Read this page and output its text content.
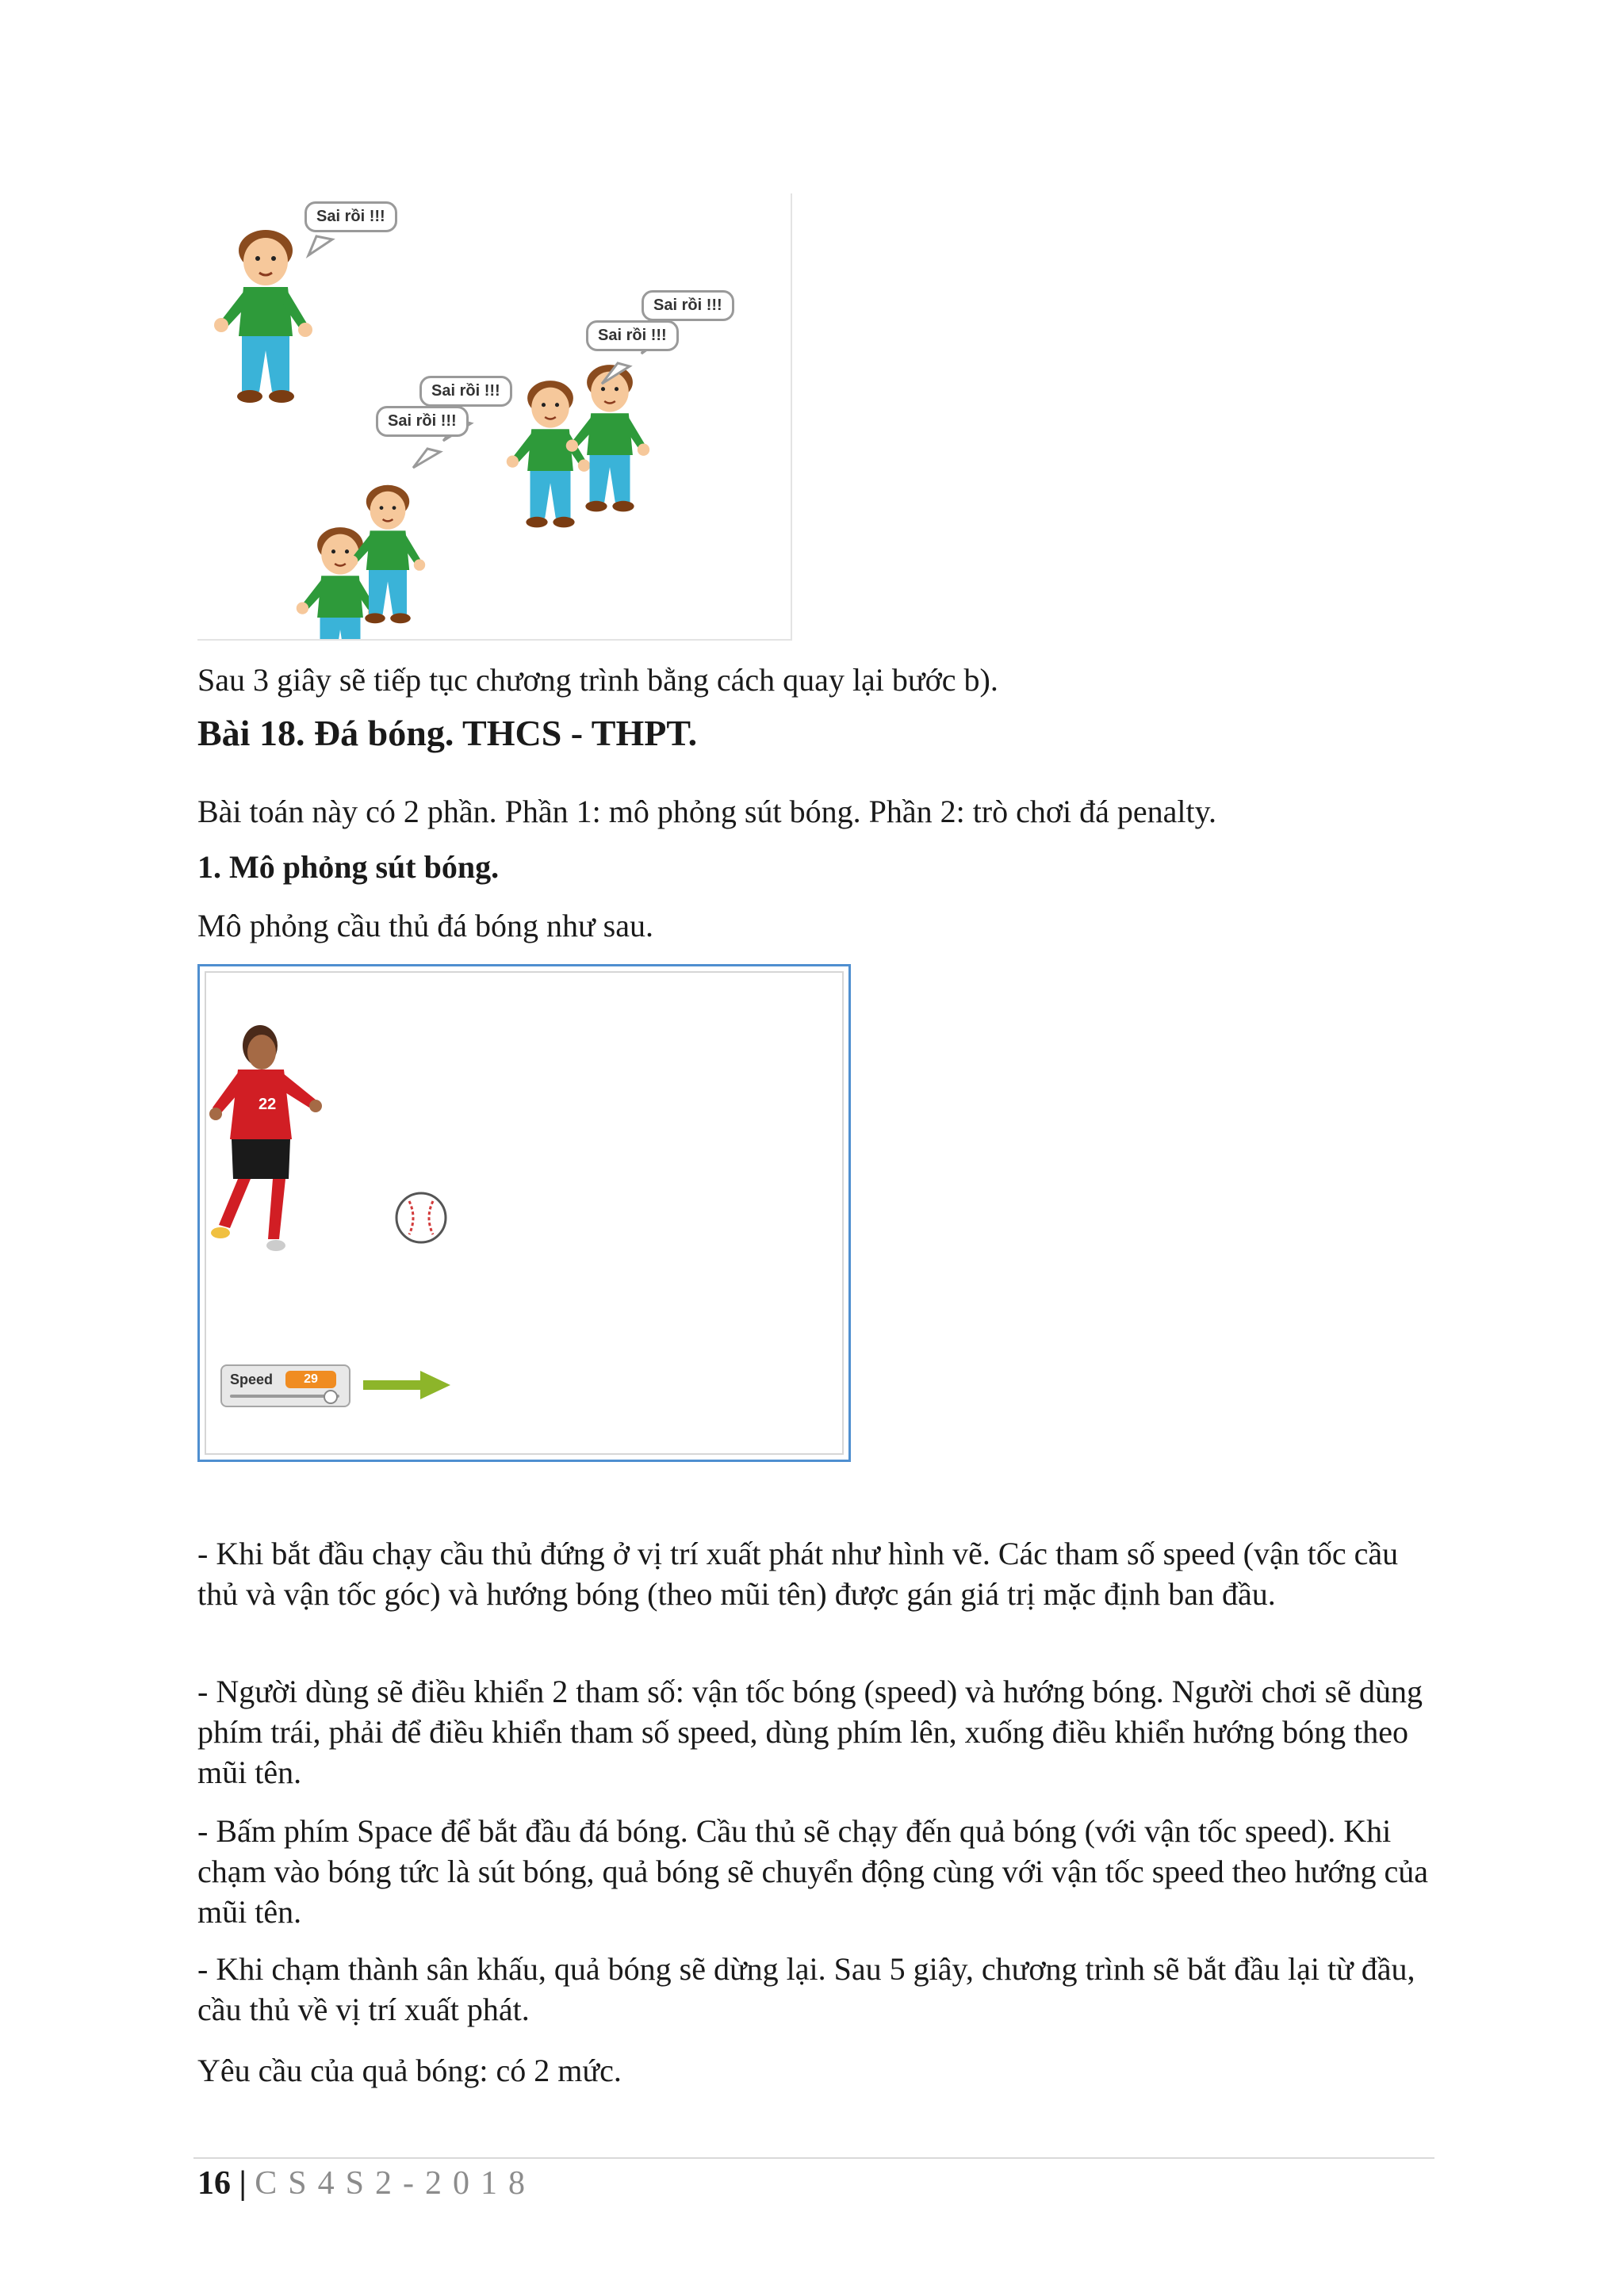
Sai rồi !!!
Sai rồi !!!
Sai rồi !!!
Sai rồi !!!
Sai rồi !!!

Sau 3 giây sẽ tiếp tục chương trình bằng cách quay lại bước b).

Bài 18. Đá bóng. THCS - THPT.

Bài toán này có 2 phần. Phần 1: mô phỏng sút bóng. Phần 2: trò chơi đá penalty.

1. Mô phỏng sút bóng.

Mô phỏng cầu thủ đá bóng như sau.

22
Speed	29

- Khi bắt đầu chạy cầu thủ đứng ở vị trí xuất phát như hình vẽ. Các tham số speed (vận tốc cầu thủ và vận tốc góc) và hướng bóng (theo mũi tên) được gán giá trị mặc định ban đầu.

- Người dùng sẽ điều khiển 2 tham số: vận tốc bóng (speed) và hướng bóng. Người chơi sẽ dùng phím trái, phải để điều khiển tham số speed, dùng phím lên, xuống điều khiển hướng bóng theo mũi tên.

- Bấm phím Space để bắt đầu đá bóng. Cầu thủ sẽ chạy đến quả bóng (với vận tốc speed). Khi chạm vào bóng tức là sút bóng, quả bóng sẽ chuyển động cùng với vận tốc speed theo hướng của mũi tên.

- Khi chạm thành sân khấu, quả bóng sẽ dừng lại. Sau 5 giây, chương trình sẽ bắt đầu lại từ đầu, cầu thủ về vị trí xuất phát.

Yêu cầu của quả bóng: có 2 mức.

16 | CS4S2-2018
